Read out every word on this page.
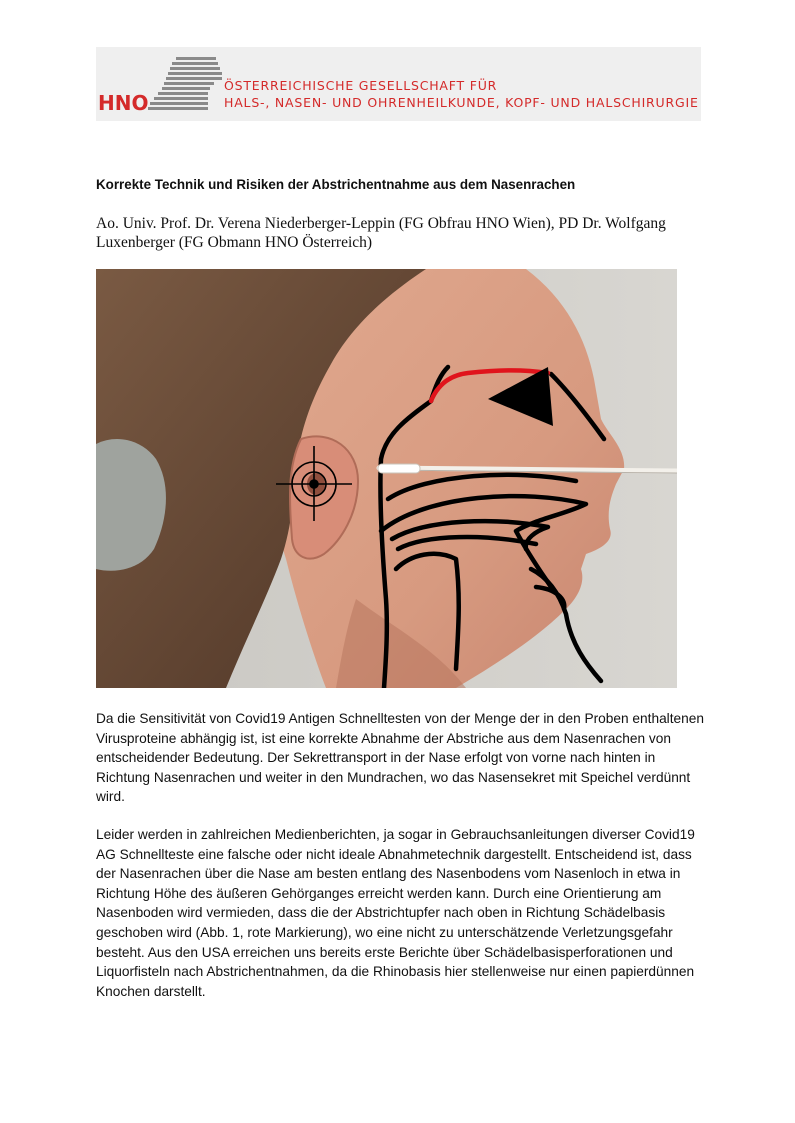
HNO
ÖSTERREICHISCHE GESELLSCHAFT FÜR
HALS-, NASEN- UND OHRENHEILKUNDE, KOPF- UND HALSCHIRURGIE
Korrekte Technik und Risiken der Abstrichentnahme aus dem Nasenrachen
Ao. Univ. Prof. Dr. Verena Niederberger-Leppin (FG Obfrau HNO Wien), PD Dr. Wolfgang Luxenberger (FG Obmann HNO Österreich)
Da die Sensitivität von Covid19 Antigen Schnelltesten von der Menge der in den Proben enthaltenen Virusproteine abhängig ist, ist eine korrekte Abnahme der Abstriche aus dem Nasenrachen von entscheidender Bedeutung. Der Sekrettransport in der Nase erfolgt von vorne nach hinten in Richtung Nasenrachen und weiter in den Mundrachen, wo das Nasensekret mit Speichel verdünnt wird.
Leider werden in zahlreichen Medienberichten, ja sogar in Gebrauchsanleitungen diverser Covid19 AG Schnellteste eine falsche oder nicht ideale Abnahmetechnik dargestellt. Entscheidend ist, dass der Nasenrachen über die Nase am besten entlang des Nasenbodens vom Nasenloch in etwa in Richtung Höhe des äußeren Gehörganges erreicht werden kann. Durch eine Orientierung am Nasenboden wird vermieden, dass die der Abstrichtupfer nach oben in Richtung Schädelbasis geschoben wird (Abb. 1, rote Markierung), wo eine nicht zu unterschätzende Verletzungsgefahr besteht. Aus den USA erreichen uns bereits erste Berichte über Schädelbasisperforationen und Liquorfisteln nach Abstrichentnahmen, da die Rhinobasis hier stellenweise nur einen papierdünnen Knochen darstellt.
